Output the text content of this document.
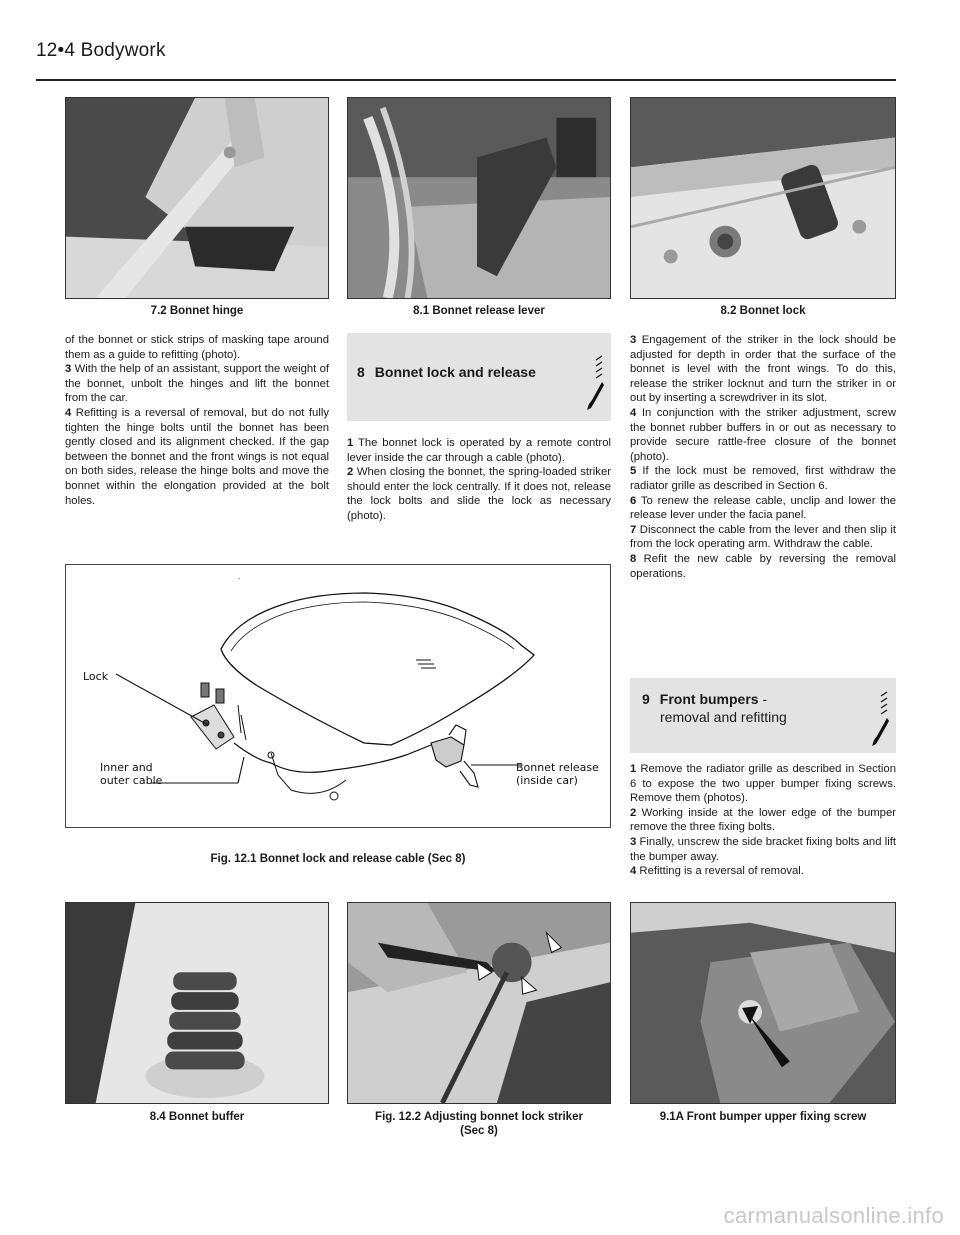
12•4 Bodywork
7.2 Bonnet hinge	8.1 Bonnet release lever	8.2 Bonnet lock

of the bonnet or stick strips of masking tape around them as a guide to refitting (photo).

3 With the help of an assistant, support the weight of the bonnet, unbolt the hinges and lift the bonnet from the car.

4 Refitting is a reversal of removal, but do not fully tighten the hinge bolts until the bonnet has been gently closed and its alignment checked. If the gap between the bonnet and the front wings is not equal on both sides, release the hinge bolts and move the bonnet within the elongation provided at the bolt holes.

8 Bonnet lock and release

1 The bonnet lock is operated by a remote control lever inside the car through a cable (photo).

2 When closing the bonnet, the spring-loaded striker should enter the lock centrally. If it does not, release the lock bolts and slide the lock as necessary (photo).

3 Engagement of the striker in the lock should be adjusted for depth in order that the surface of the bonnet is level with the front wings. To do this, release the striker locknut and turn the striker in or out by inserting a screwdriver in its slot.

4 In conjunction with the striker adjustment, screw the bonnet rubber buffers in or out as necessary to provide secure rattle-free closure of the bonnet (photo).

5 If the lock must be removed, first withdraw the radiator grille as described in Section 6.

6 To renew the release cable, unclip and lower the release lever under the facia panel.

7 Disconnect the cable from the lever and then slip it from the lock operating arm. Withdraw the cable.

8 Refit the new cable by reversing the removal operations.

9 Front bumpers -
removal and refitting

1 Remove the radiator grille as described in Section 6 to expose the two upper bumper fixing screws. Remove them (photos).

2 Working inside at the lower edge of the bumper remove the three fixing bolts.

3 Finally, unscrew the side bracket fixing bolts and lift the bumper away.

4 Refitting is a reversal of removal.

.
Lock
Inner and
outer cable
Bonnet release
(inside car)
Fig. 12.1 Bonnet lock and release cable (Sec 8)
8.4 Bonnet buffer	Fig. 12.2 Adjusting bonnet lock striker
(Sec 8)
9.1A Front bumper upper fixing screw
carmanualsonline.info
